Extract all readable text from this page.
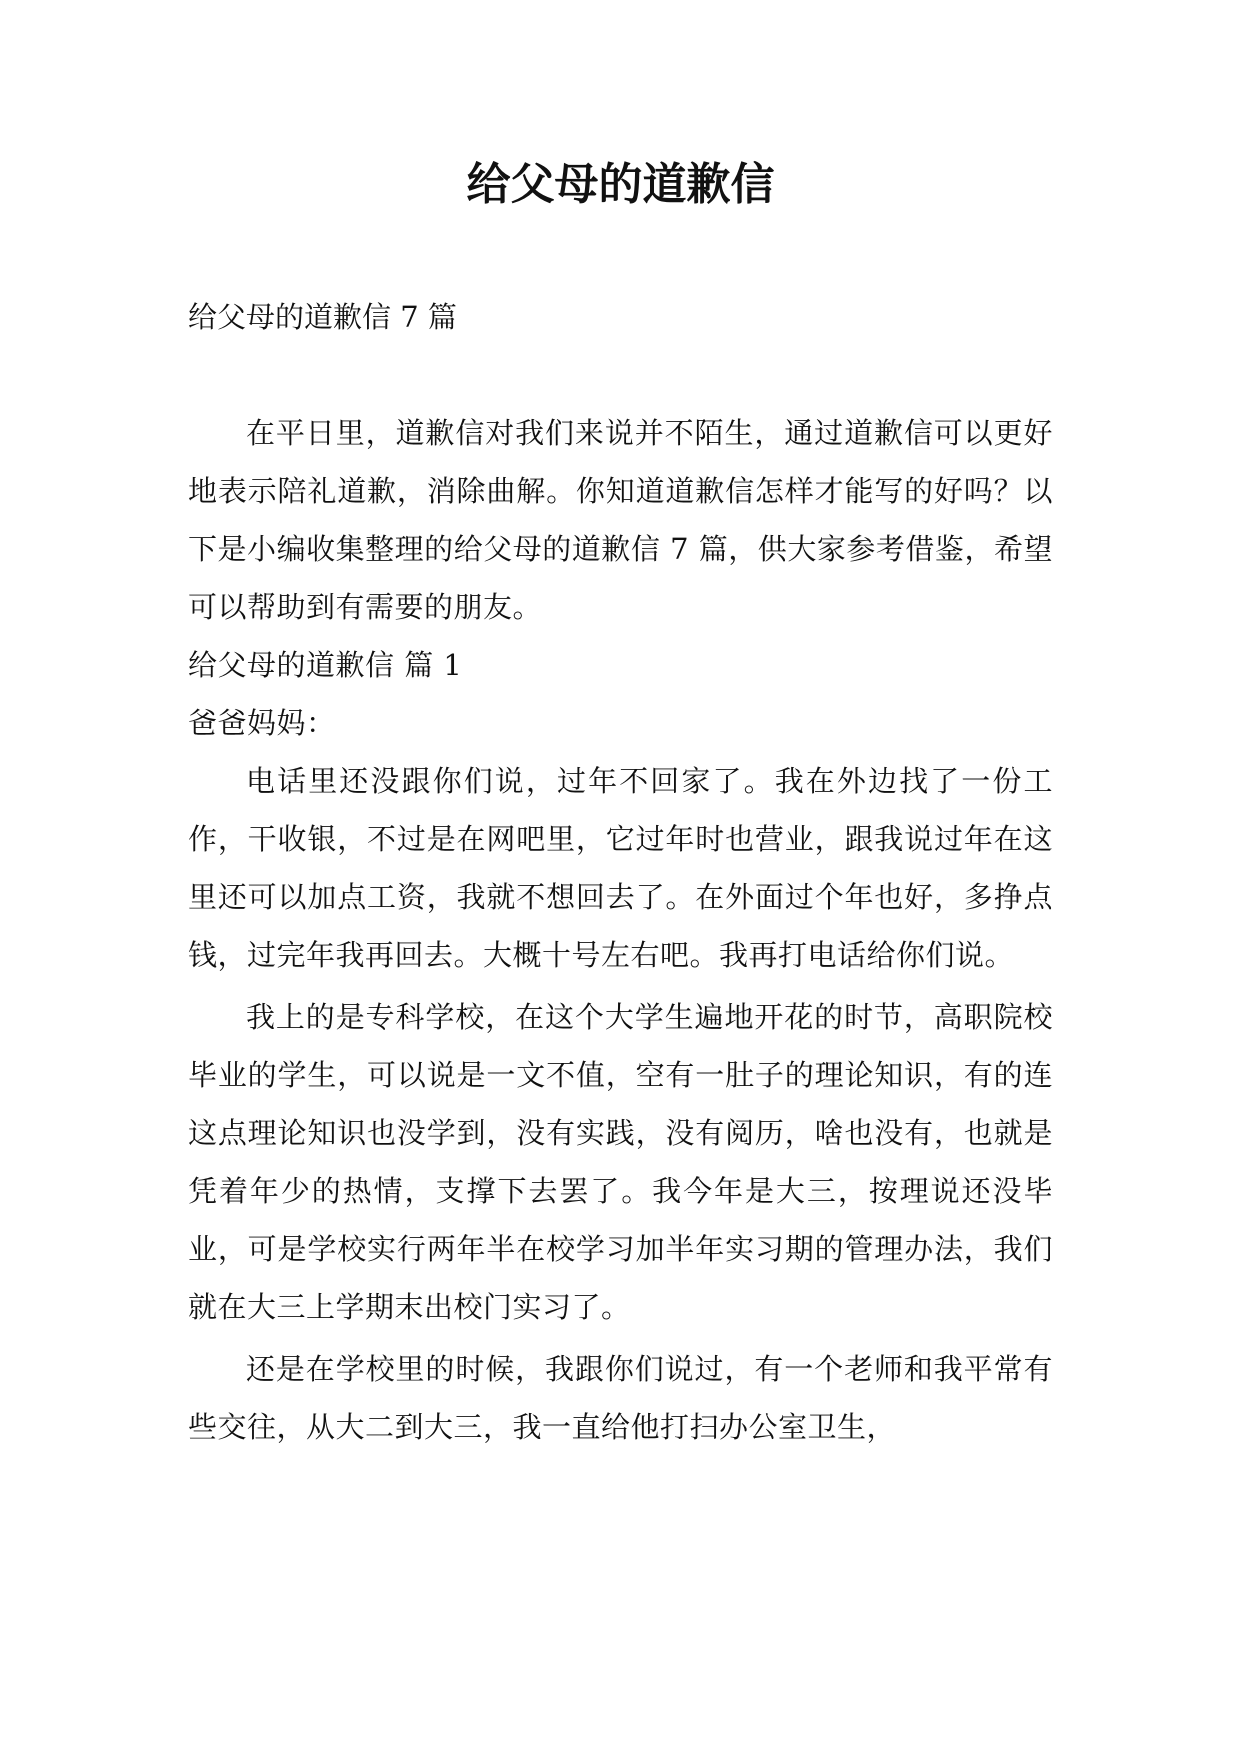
给父母的道歉信

给父母的道歉信 7 篇

在平日里，道歉信对我们来说并不陌生，通过道歉信可以更好地表示陪礼道歉，消除曲解。你知道道歉信怎样才能写的好吗？以下是小编收集整理的给父母的道歉信 7 篇，供大家参考借鉴，希望可以帮助到有需要的朋友。

给父母的道歉信 篇 1

爸爸妈妈：

电话里还没跟你们说，过年不回家了。我在外边找了一份工作，干收银，不过是在网吧里，它过年时也营业，跟我说过年在这里还可以加点工资，我就不想回去了。在外面过个年也好，多挣点钱，过完年我再回去。大概十号左右吧。我再打电话给你们说。

我上的是专科学校，在这个大学生遍地开花的时节，高职院校毕业的学生，可以说是一文不值，空有一肚子的理论知识，有的连这点理论知识也没学到，没有实践，没有阅历，啥也没有，也就是凭着年少的热情，支撑下去罢了。我今年是大三，按理说还没毕业，可是学校实行两年半在校学习加半年实习期的管理办法，我们就在大三上学期末出校门实习了。

还是在学校里的时候，我跟你们说过，有一个老师和我平常有些交往，从大二到大三，我一直给他打扫办公室卫生，
